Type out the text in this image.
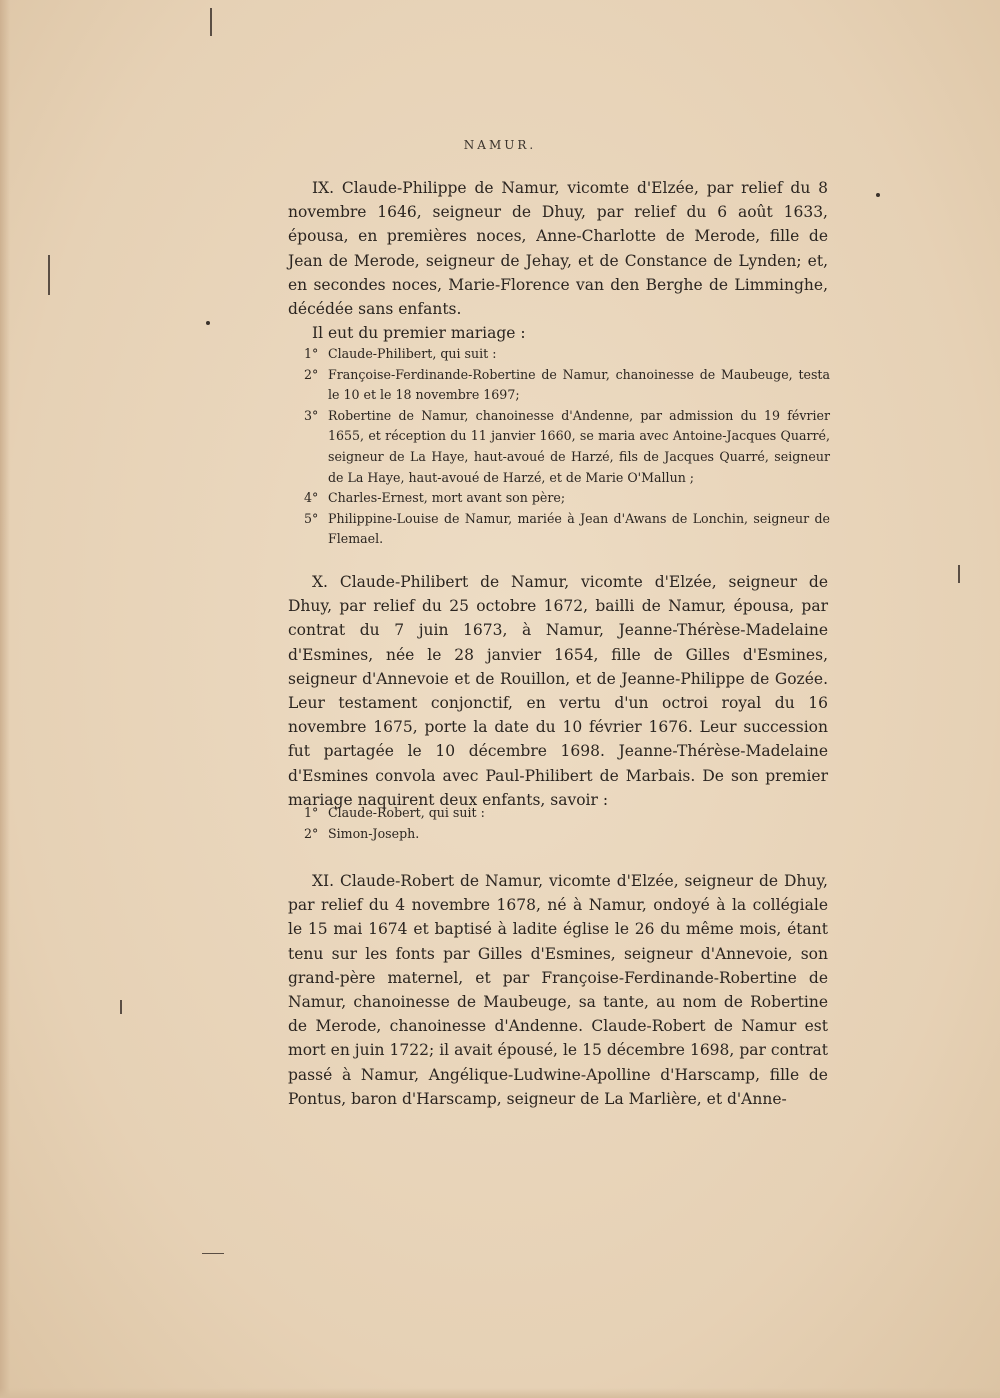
NAMUR.

IX. Claude-Philippe de Namur, vicomte d'Elzée, par relief du 8 novembre 1646, seigneur de Dhuy, par relief du 6 août 1633, épousa, en premières noces, Anne-Charlotte de Merode, fille de Jean de Merode, seigneur de Jehay, et de Constance de Lynden; et, en secondes noces, Marie-Florence van den Berghe de Limminghe, décédée sans enfants.

Il eut du premier mariage :

1° Claude-Philibert, qui suit :
2° Françoise-Ferdinande-Robertine de Namur, chanoinesse de Maubeuge, testa le 10 et le 18 novembre 1697;
3° Robertine de Namur, chanoinesse d'Andenne, par admission du 19 février 1655, et réception du 11 janvier 1660, se maria avec Antoine-Jacques Quarré, seigneur de La Haye, haut-avoué de Harzé, fils de Jacques Quarré, seigneur de La Haye, haut-avoué de Harzé, et de Marie O'Mallun ;
4° Charles-Ernest, mort avant son père;
5° Philippine-Louise de Namur, mariée à Jean d'Awans de Lonchin, seigneur de Flemael.

X. Claude-Philibert de Namur, vicomte d'Elzée, seigneur de Dhuy, par relief du 25 octobre 1672, bailli de Namur, épousa, par contrat du 7 juin 1673, à Namur, Jeanne-Thérèse-Madelaine d'Esmines, née le 28 janvier 1654, fille de Gilles d'Esmines, seigneur d'Annevoie et de Rouillon, et de Jeanne-Philippe de Gozée. Leur testament conjonctif, en vertu d'un octroi royal du 16 novembre 1675, porte la date du 10 février 1676. Leur succession fut partagée le 10 décembre 1698. Jeanne-Thérèse-Madelaine d'Esmines convola avec Paul-Philibert de Marbais. De son premier mariage naquirent deux enfants, savoir :

1° Claude-Robert, qui suit :
2° Simon-Joseph.

XI. Claude-Robert de Namur, vicomte d'Elzée, seigneur de Dhuy, par relief du 4 novembre 1678, né à Namur, ondoyé à la collégiale le 15 mai 1674 et baptisé à ladite église le 26 du même mois, étant tenu sur les fonts par Gilles d'Esmines, seigneur d'Annevoie, son grand-père maternel, et par Françoise-Ferdinande-Robertine de Namur, chanoinesse de Maubeuge, sa tante, au nom de Robertine de Merode, chanoinesse d'Andenne. Claude-Robert de Namur est mort en juin 1722; il avait épousé, le 15 décembre 1698, par contrat passé à Namur, Angélique-Ludwine-Apolline d'Harscamp, fille de Pontus, baron d'Harscamp, seigneur de La Marlière, et d'Anne-
